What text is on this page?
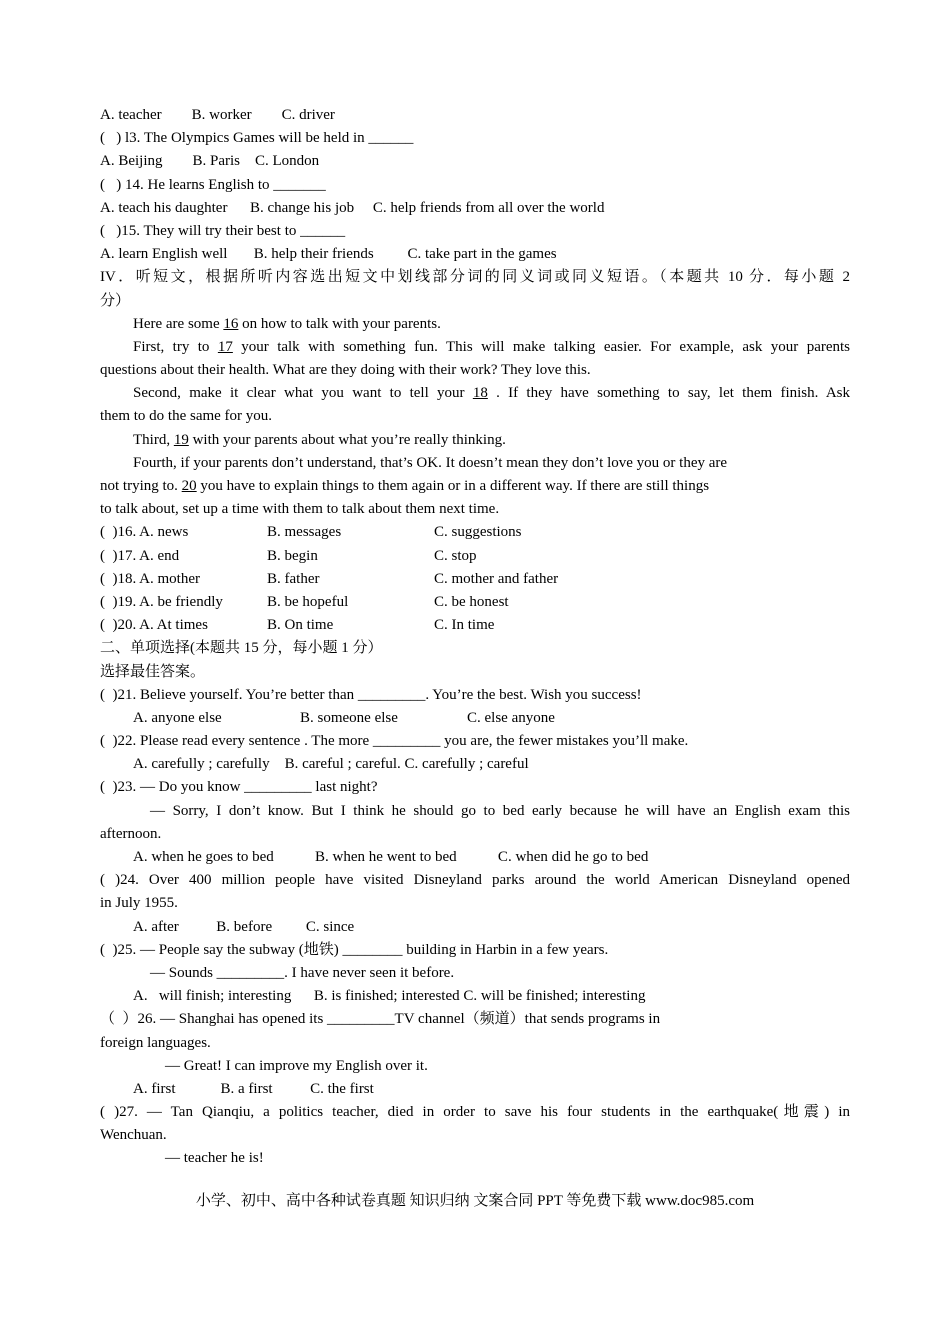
A. teacher        B. worker        C. driver
(   ) l3. The Olympics Games will be held in ______
A. Beijing        B. Paris    C. London
(   ) 14. He learns English to _______
A. teach his daughter      B. change his job     C. help friends from all over the world
(   )15. They will try their best to ______
A. learn English well       B. help their friends         C. take part in the games
IV．听短文，根据所听内容选出短文中划线部分词的同义词或同义短语。（本题共 10 分．每小题 2
分）
Here are some 16 on how to talk with your parents.
First, try to 17 your talk with something fun. This will make talking easier. For example, ask your parents
questions about their health. What are they doing with their work? They love this.
Second, make it clear what you want to tell your 18 . If they have something to say, let them finish. Ask
them to do the same for you.
Third, 19 with your parents about what you’re really thinking.
Fourth, if your parents don’t understand, that’s OK. It doesn’t mean they don’t love you or they are
not trying to. 20 you have to explain things to them again or in a different way. If there are still things
to talk about, set up a time with them to talk about them next time.
(  )16. A. news	B. messages	C. suggestions
(  )17. A. end	B. begin	C. stop
(  )18. A. mother	B. father	C. mother and father
(  )19. A. be friendly	B. be hopeful	C. be honest
(  )20. A. At times	B. On time	C. In time
二、单项选择(本题共 15 分，每小题 1 分）
选择最佳答案。
(  )21. Believe yourself. You’re better than _________. You’re the best. Wish you success!
A. anyone else	B. someone else	C. else anyone
(  )22. Please read every sentence . The more _________ you are, the fewer mistakes you’ll make.
A. carefully ; carefully    B. careful ; careful. C. carefully ; careful
(  )23. — Do you know _________ last night?
— Sorry, I don’t know. But I think he should go to bed early because he will have an English exam this
afternoon.
A. when he goes to bed           B. when he went to bed           C. when did he go to bed
( )24. Over 400 million people have visited Disneyland parks around the world American Disneyland opened
in July 1955.
A. after          B. before         C. since
(  )25. — People say the subway (地铁) ________ building in Harbin in a few years.
— Sounds _________. I have never seen it before.
A.   will finish; interesting      B. is finished; interested C. will be finished; interesting
（  ）26. — Shanghai has opened its _________TV channel（频道）that sends programs in
foreign languages.
— Great! I can improve my English over it.
A. first            B. a first          C. the first
( )27. — Tan Qianqiu, a politics teacher, died in order to save his four students in the earthquake(地震) in
Wenchuan.
— teacher he is!
小学、初中、高中各种试卷真题 知识归纳 文案合同 PPT 等免费下载 www.doc985.com
